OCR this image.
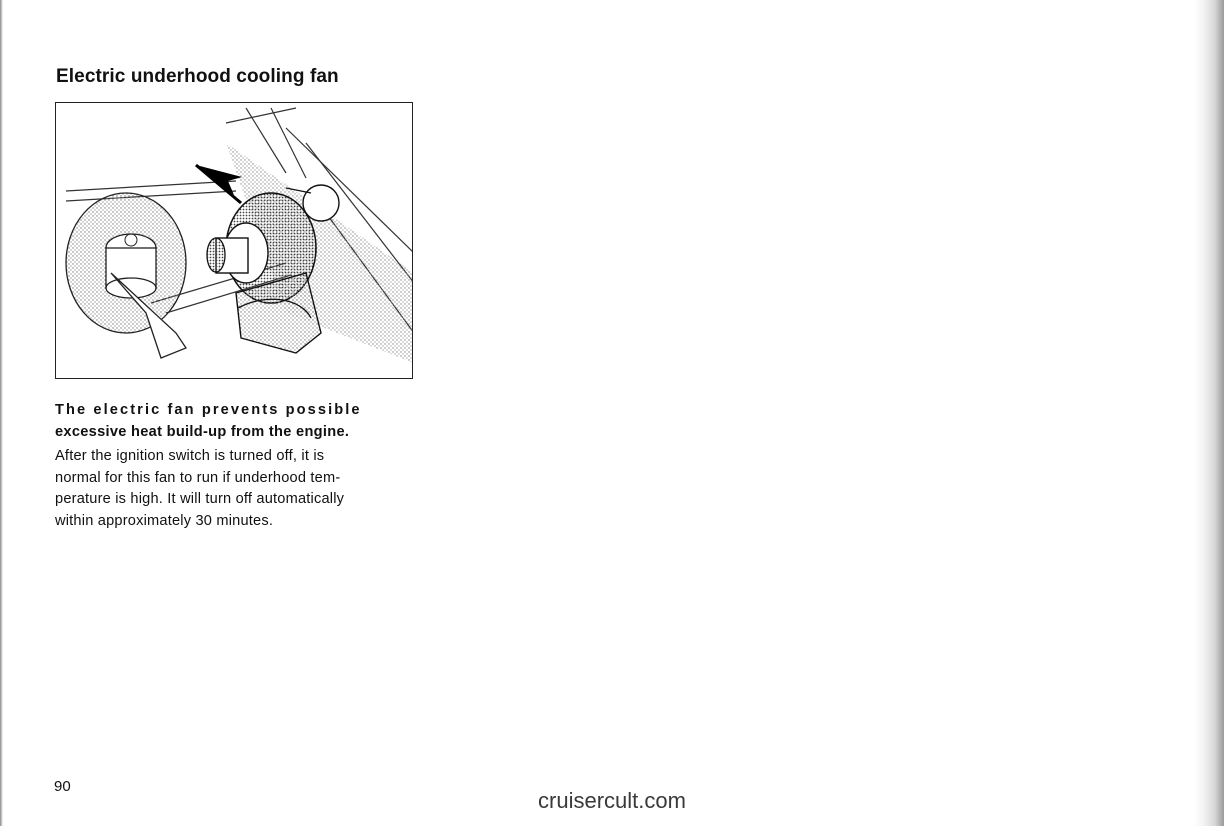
Electric underhood cooling fan

The electric fan prevents possible
excessive heat build-up from the engine.

After the ignition switch is turned off, it is
normal for this fan to run if underhood tem-
perature is high. It will turn off automatically
within approximately 30 minutes.

90
cruisercult.com
